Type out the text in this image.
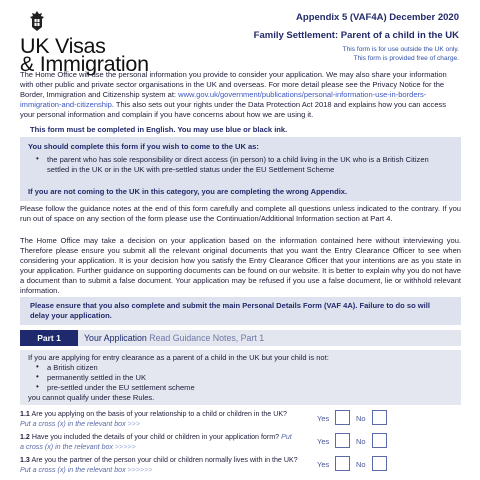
UK Visas
& Immigration
Appendix 5 (VAF4A) December 2020
Family Settlement: Parent of a child in the UK
This form is for use outside the UK only.
This form is provided free of charge.

The Home Office will use the personal information you provide to consider your application. We may also share your information with other public and private sector organisations in the UK and overseas. For more detail please see the Privacy Notice for the Border, Immigration and Citizenship system at: www.gov.uk/government/publications/personal-information-use-in-borders-immigration-and-citizenship. This also sets out your rights under the Data Protection Act 2018 and explains how you can access your personal information and complain if you have concerns about how we are using it.

This form must be completed in English. You may use blue or black ink.
You should complete this form if you wish to come to the UK as:
• the parent who has sole responsibility or direct access (in person) to a child living in the UK who is a British Citizen settled in the UK or in the UK with pre-settled status under the EU Settlement Scheme

If you are not coming to the UK in this category, you are completing the wrong Appendix.

Please follow the guidance notes at the end of this form carefully and complete all questions unless indicated to the contrary. If you run out of space on any section of the form please use the Continuation/Additional Information section at Part 4.

The Home Office may take a decision on your application based on the information contained here without interviewing you. Therefore please ensure you submit all the relevant original documents that you want the Entry Clearance Officer to see when considering your application. It is your decision how you satisfy the Entry Clearance Officer that your intentions are as you state in your application. Further guidance on supporting documents can be found on our website. It is better to explain why you do not have a document than to submit a false document. Your application may be refused if you use a false document, lie or withhold relevant information.

Please ensure that you also complete and submit the main Personal Details Form (VAF 4A). Failure to do so will delay your application.

Part 1	Your Application Read Guidance Notes, Part 1

If you are applying for entry clearance as a parent of a child in the UK but your child is not:

• a British citizen

• permanently settled in the UK

• pre-settled under the EU settlement scheme

you cannot qualify under these Rules.

1.1 Are you applying on the basis of your relationship to a child or children in the UK?
Put a cross (x) in the relevant box >>>
Yes	No
1.2 Have you included the details of your child or children in your application form? Put
a cross (x) in the relevant box >>>>>
Yes	No
1.3 Are you the partner of the person your child or children normally lives with in the UK? Put a cross (x) in the relevant box >>>>>>
Yes	No
